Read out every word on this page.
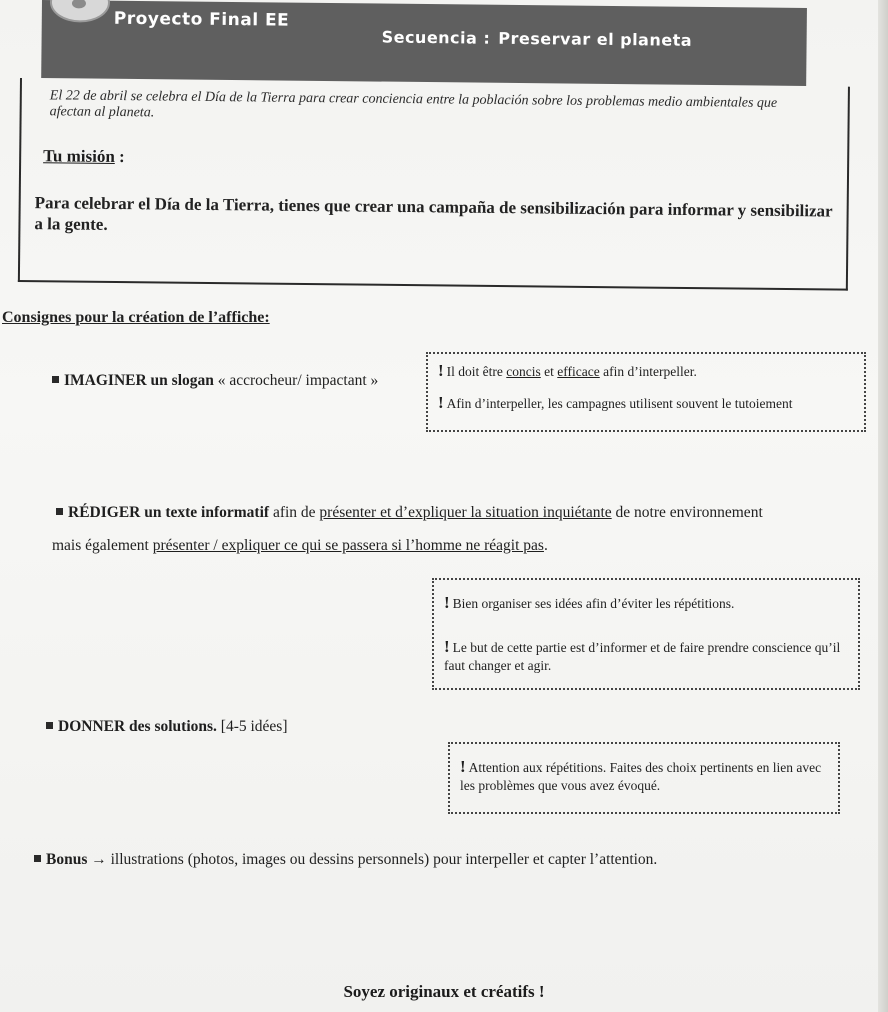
Proyecto Final EE
Secuencia : Preservar el planeta
El 22 de abril se celebra el Día de la Tierra para crear conciencia entre la población sobre los problemas medio ambientales que afectan al planeta.
Tu misión :
Para celebrar el Día de la Tierra, tienes que crear una campaña de sensibilización para informar y sensibilizar a la gente.
Consignes pour la création de l’affiche:
IMAGINER un slogan « accrocheur/ impactant »
! Il doit être concis et efficace afin d’interpeller.
! Afin d’interpeller, les campagnes utilisent souvent le tutoiement
RÉDIGER un texte informatif afin de présenter et d’expliquer la situation inquiétante de notre environnement
mais également présenter / expliquer ce qui se passera si l’homme ne réagit pas.
! Bien organiser ses idées afin d’éviter les répétitions.
! Le but de cette partie est d’informer et de faire prendre conscience qu’il faut changer et agir.
DONNER des solutions. [4-5 idées]
! Attention aux répétitions. Faites des choix pertinents en lien avec les problèmes que vous avez évoqué.
Bonus → illustrations (photos, images ou dessins personnels) pour interpeller et capter l’attention.
Soyez originaux et créatifs !
